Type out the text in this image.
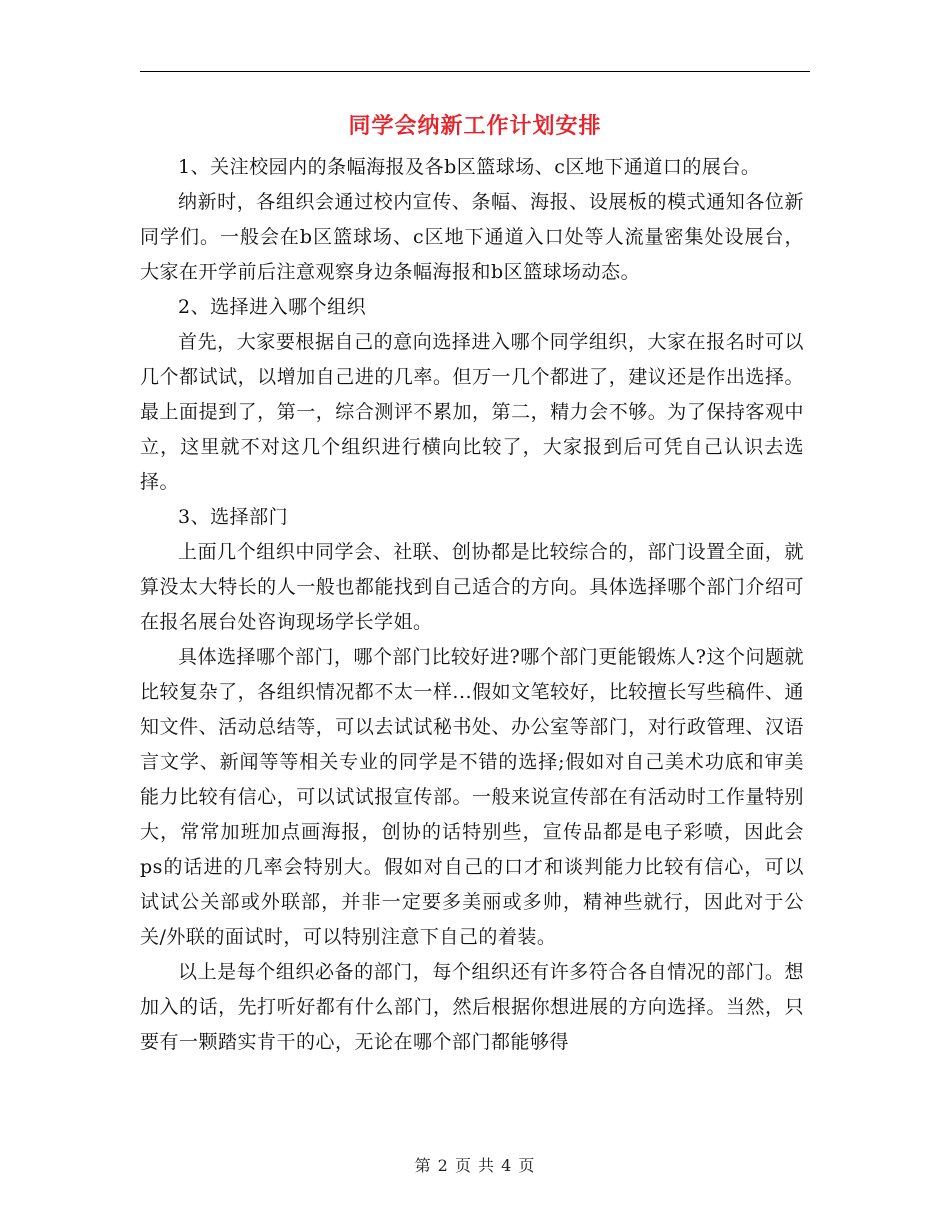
同学会纳新工作计划安排

1、关注校园内的条幅海报及各b区篮球场、c区地下通道口的展台。

纳新时，各组织会通过校内宣传、条幅、海报、设展板的模式通知各位新同学们。一般会在b区篮球场、c区地下通道入口处等人流量密集处设展台，大家在开学前后注意观察身边条幅海报和b区篮球场动态。

2、选择进入哪个组织

首先，大家要根据自己的意向选择进入哪个同学组织，大家在报名时可以几个都试试，以增加自己进的几率。但万一几个都进了，建议还是作出选择。最上面提到了，第一，综合测评不累加，第二，精力会不够。为了保持客观中立，这里就不对这几个组织进行横向比较了，大家报到后可凭自己认识去选择。

3、选择部门

上面几个组织中同学会、社联、创协都是比较综合的，部门设置全面，就算没太大特长的人一般也都能找到自己适合的方向。具体选择哪个部门介绍可在报名展台处咨询现场学长学姐。

具体选择哪个部门，哪个部门比较好进?哪个部门更能锻炼人?这个问题就比较复杂了，各组织情况都不太一样...假如文笔较好，比较擅长写些稿件、通知文件、活动总结等，可以去试试秘书处、办公室等部门，对行政管理、汉语言文学、新闻等等相关专业的同学是不错的选择;假如对自己美术功底和审美能力比较有信心，可以试试报宣传部。一般来说宣传部在有活动时工作量特别大，常常加班加点画海报，创协的话特别些，宣传品都是电子彩喷，因此会ps的话进的几率会特别大。假如对自己的口才和谈判能力比较有信心，可以试试公关部或外联部，并非一定要多美丽或多帅，精神些就行，因此对于公关/外联的面试时，可以特别注意下自己的着装。

以上是每个组织必备的部门，每个组织还有许多符合各自情况的部门。想加入的话，先打听好都有什么部门，然后根据你想进展的方向选择。当然，只要有一颗踏实肯干的心，无论在哪个部门都能够得

第 2 页 共 4 页
